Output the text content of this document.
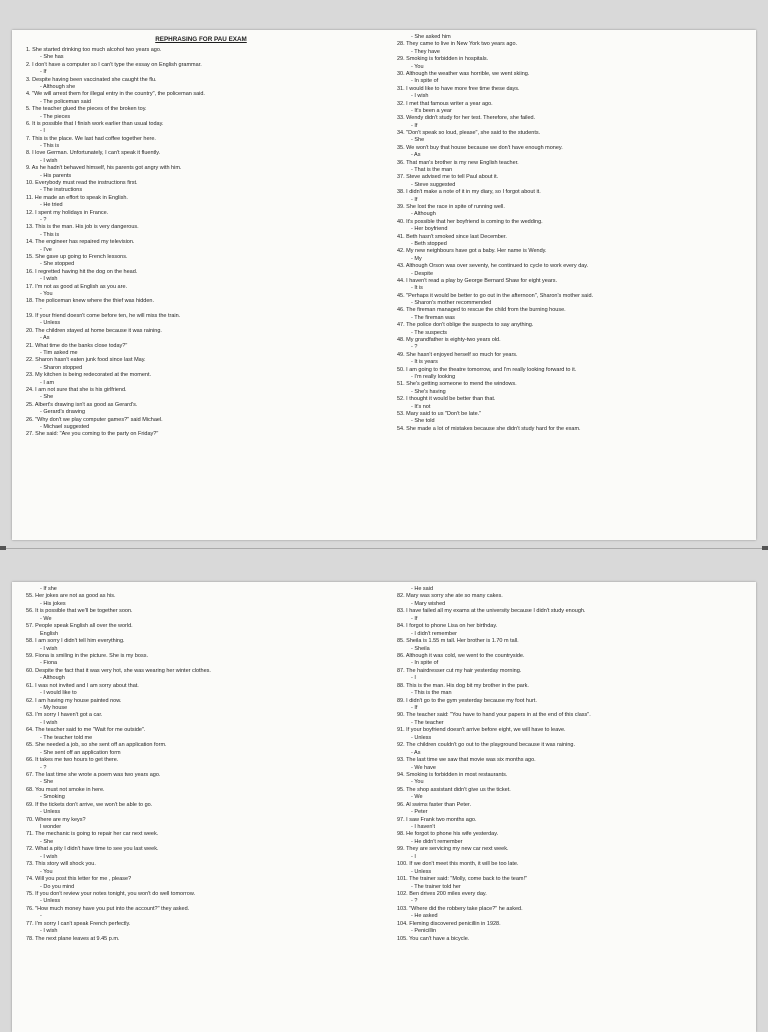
REPHRASING FOR PAU EXAM
1. She started drinking too much alcohol two years ago.
- She has
2. I don't have a computer so I can't type the essay on English grammar.
- If
3. Despite having been vaccinated she caught the flu.
- Although she
4. "We will arrest them for illegal entry in the country", the policeman said.
- The policeman said
5. The teacher glued the pieces of the broken toy.
- The pieces
6. It is possible that I finish work earlier than usual today.
- I
7. This is the place. We last had coffee together here.
- This is
8. I love German. Unfortunately, I can't speak it fluently.
- I wish
9. As he hadn't behaved himself, his parents got angry with him.
- His parents
10. Everybody must read the instructions first.
- The instructions
11. He made an effort to speak in English.
- He tried
12. I spent my holidays in France.
- ?
13. This is the man. His job is very dangerous.
- This is
14. The engineer has repaired my television.
- I've
15. She gave up going to French lessons.
- She stopped
16. I regretted having hit the dog on the head.
- I wish
17. I'm not as good at English as you are.
- You
18. The policeman knew where the thief was hidden.
-
19. If your friend doesn't come before ten, he will miss the train.
- Unless
20. The children stayed at home because it was raining.
- As
21. What time do the banks close today?"
- Tim asked me
22. Sharon hasn't eaten junk food since last May.
- Sharon stopped
23. My kitchen is being redecorated at the moment.
- I am
24. I am not sure that she is his girlfriend.
- She
25. Albert's drawing isn't as good as Gerard's.
- Gerard's drawing
26. "Why don't we play computer games?" said Michael.
- Michael suggested
27. She said: "Are you coming to the party on Friday?"
- She asked him
28. They came to live in New York two years ago.
- They have
29. Smoking is forbidden in hospitals.
- You
30. Although the weather was horrible, we went skiing.
- In spite of
31. I would like to have more free time these days.
- I wish
32. I met that famous writer a year ago.
- It's been a year
33. Wendy didn't study for her test. Therefore, she failed.
- If
34. "Don't speak so loud, please", she said to the students.
- She
35. We won't buy that house because we don't have enough money.
- As
36. That man's brother is my new English teacher.
- That is the man
37. Steve advised me to tell Paul about it.
- Steve suggested
38. I didn't make a note of it in my diary, so I forgot about it.
- If
39. She lost the race in spite of running well.
- Although
40. It's possible that her boyfriend is coming to the wedding.
- Her boyfriend
41. Beth hasn't smoked since last December.
- Beth stopped
42. My new neighbours have got a baby. Her name is Wendy.
- My
43. Although Orson was over seventy, he continued to cycle to work every day.
- Despite
44. I haven't read a play by George Bernard Shaw for eight years.
- It is
45. "Perhaps it would be better to go out in the afternoon", Sharon's mother said.
- Sharon's mother recommended
46. The fireman managed to rescue the child from the burning house.
- The fireman was
47. The police don't oblige the suspects to say anything.
- The suspects
48. My grandfather is eighty-two years old.
- ?
49. She hasn't enjoyed herself so much for years.
- It is years
50. I am going to the theatre tomorrow, and I'm really looking forward to it.
- I'm really looking
51. She's getting someone to mend the windows.
- She's having
52. I thought it would be better than that.
- It's not
53. Mary said to us "Don't be late."
- She told
54. She made a lot of mistakes because she didn't study hard for the exam.
- If she
55. Her jokes are not as good as his.
- His jokes
56. It is possible that we'll be together soon.
- We
57. People speak English all over the world.
English
58. I am sorry I didn't tell him everything.
- I wish
59. Fiona is smiling in the picture. She is my boss.
- Fiona
60. Despite the fact that it was very hot, she was wearing her winter clothes.
- Although
61. I was not invited and I am sorry about that.
- I would like to
62. I am having my house painted now.
- My house
63. I'm sorry I haven't got a car.
- I wish
64. The teacher said to me "Wait for me outside".
- The teacher told me
65. She needed a job, so she sent off an application form.
- She sent off an application form
66. It takes me two hours to get there.
- ?
67. The last time she wrote a poem was two years ago.
- She
68. You must not smoke in here.
- Smoking
69. If the tickets don't arrive, we won't be able to go.
- Unless
70. Where are my keys?
I wonder
71. The mechanic is going to repair her car next week.
- She
72. What a pity I didn't have time to see you last week.
- I wish
73. This story will shock you.
- You
74. Will you post this letter for me , please?
- Do you mind
75. If you don't review your notes tonight, you won't do well tomorrow.
- Unless
76. "How much money have you put into the account?" they asked.
-
77. I'm sorry I can't speak French perfectly.
- I wish
78. The next plane leaves at 9.45 p.m.
- He said
82. Mary was sorry she ate so many cakes.
- Mary wished
83. I have failed all my exams at the university because I didn't study enough.
- If
84. I forgot to phone Lisa on her birthday.
- I didn't remember
85. Sheila is 1.55 m tall. Her brother is 1.70 m tall.
- Sheila
86. Although it was cold, we went to the countryside.
- In spite of
87. The hairdresser cut my hair yesterday morning.
- I
88. This is the man. His dog bit my brother in the park.
- This is the man
89. I didn't go to the gym yesterday because my foot hurt.
- If
90. The teacher said: "You have to hand your papers in at the end of this class".
- The teacher
91. If your boyfriend doesn't arrive before eight, we will have to leave.
- Unless
92. The children couldn't go out to the playground because it was raining.
- As
93. The last time we saw that movie was six months ago.
- We have
94. Smoking is forbidden in most restaurants.
- You
95. The shop assistant didn't give us the ticket.
- We
96. Al swims faster than Peter.
- Peter
97. I saw Frank two months ago.
- I haven't
98. He forgot to phone his wife yesterday.
- He didn't remember
99. They are servicing my new car next week.
- I
100. If we don't meet this month, it will be too late.
- Unless
101. The trainer said: "Molly, come back to the team!"
- The trainer told her
102. Ben drives 200 miles every day.
- ?
103. "Where did the robbery take place?" he asked.
- He asked
104. Fleming discovered penicillin in 1928.
- Penicillin
105. You can't have a bicycle.
